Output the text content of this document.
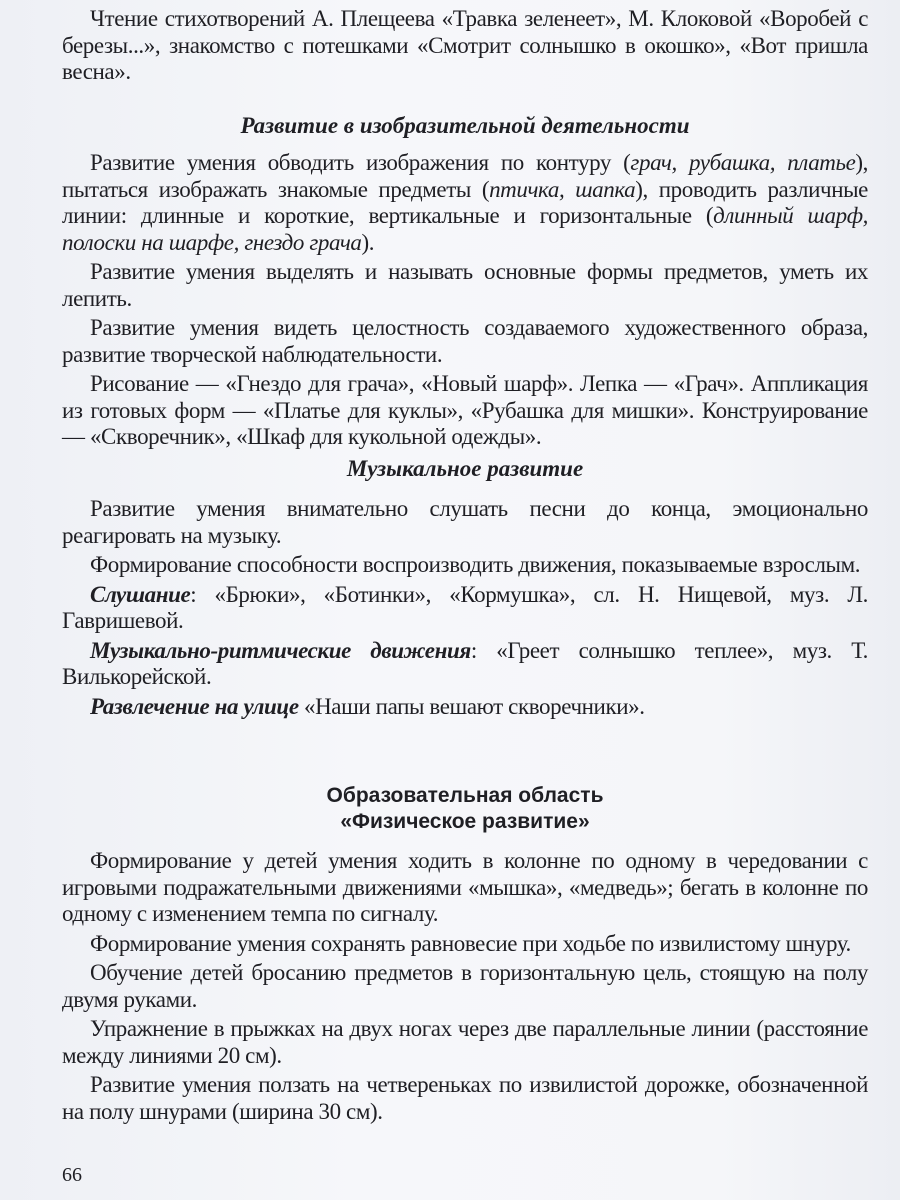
Чтение стихотворений А. Плещеева «Травка зеленеет», М. Клоковой «Воробей с березы...», знакомство с потешками «Смотрит солнышко в окошко», «Вот пришла весна».

Развитие в изобразительной деятельности

Развитие умения обводить изображения по контуру (грач, рубашка, платье), пытаться изображать знакомые предметы (птичка, шапка), проводить различные линии: длинные и короткие, вертикальные и горизонтальные (длинный шарф, полоски на шарфе, гнездо грача).

Развитие умения выделять и называть основные формы предметов, уметь их лепить.

Развитие умения видеть целостность создаваемого художественного образа, развитие творческой наблюдательности.

Рисование — «Гнездо для грача», «Новый шарф». Лепка — «Грач». Аппликация из готовых форм — «Платье для куклы», «Рубашка для мишки». Конструирование — «Скворечник», «Шкаф для кукольной одежды».

Музыкальное развитие

Развитие умения внимательно слушать песни до конца, эмоционально реагировать на музыку.

Формирование способности воспроизводить движения, показываемые взрослым.

Слушание: «Брюки», «Ботинки», «Кормушка», сл. Н. Нищевой, муз. Л. Гавришевой.

Музыкально-ритмические движения: «Греет солнышко теплее», муз. Т. Вилькорейской.

Развлечение на улице «Наши папы вешают скворечники».

Образовательная область
«Физическое развитие»

Формирование у детей умения ходить в колонне по одному в чередовании с игровыми подражательными движениями «мышка», «медведь»; бегать в колонне по одному с изменением темпа по сигналу.

Формирование умения сохранять равновесие при ходьбе по извилистому шнуру.

Обучение детей бросанию предметов в горизонтальную цель, стоящую на полу двумя руками.

Упражнение в прыжках на двух ногах через две параллельные линии (расстояние между линиями 20 см).

Развитие умения ползать на четвереньках по извилистой дорожке, обозначенной на полу шнурами (ширина 30 см).

66
